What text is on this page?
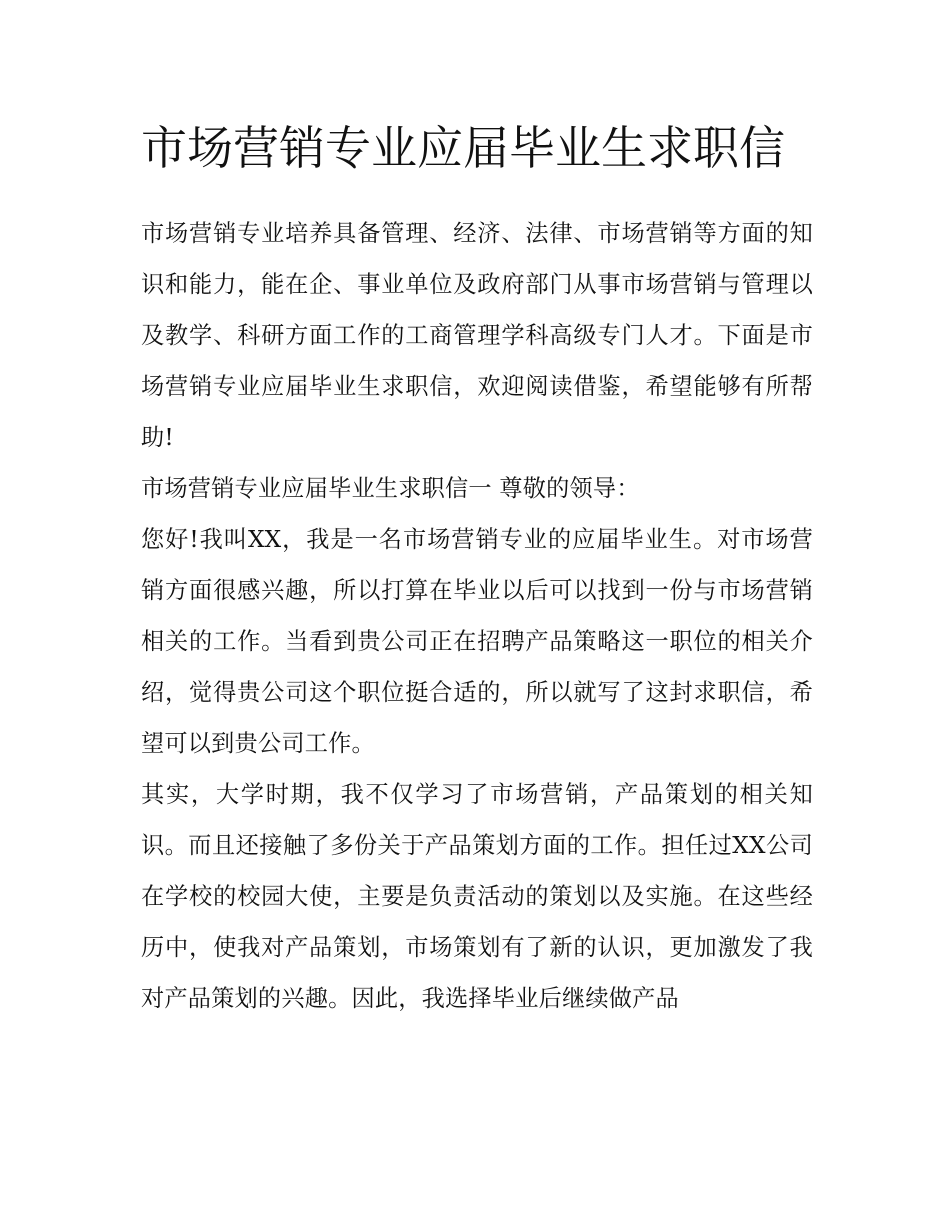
市场营销专业应届毕业生求职信

市场营销专业培养具备管理、经济、法律、市场营销等方面的知识和能力，能在企、事业单位及政府部门从事市场营销与管理以及教学、科研方面工作的工商管理学科高级专门人才。下面是市场营销专业应届毕业生求职信，欢迎阅读借鉴，希望能够有所帮助!

市场营销专业应届毕业生求职信一 尊敬的领导：

您好!我叫XX，我是一名市场营销专业的应届毕业生。对市场营销方面很感兴趣，所以打算在毕业以后可以找到一份与市场营销相关的工作。当看到贵公司正在招聘产品策略这一职位的相关介绍，觉得贵公司这个职位挺合适的，所以就写了这封求职信，希望可以到贵公司工作。

其实，大学时期，我不仅学习了市场营销，产品策划的相关知识。而且还接触了多份关于产品策划方面的工作。担任过XX公司在学校的校园大使，主要是负责活动的策划以及实施。在这些经历中，使我对产品策划，市场策划有了新的认识，更加激发了我对产品策划的兴趣。因此，我选择毕业后继续做产品
